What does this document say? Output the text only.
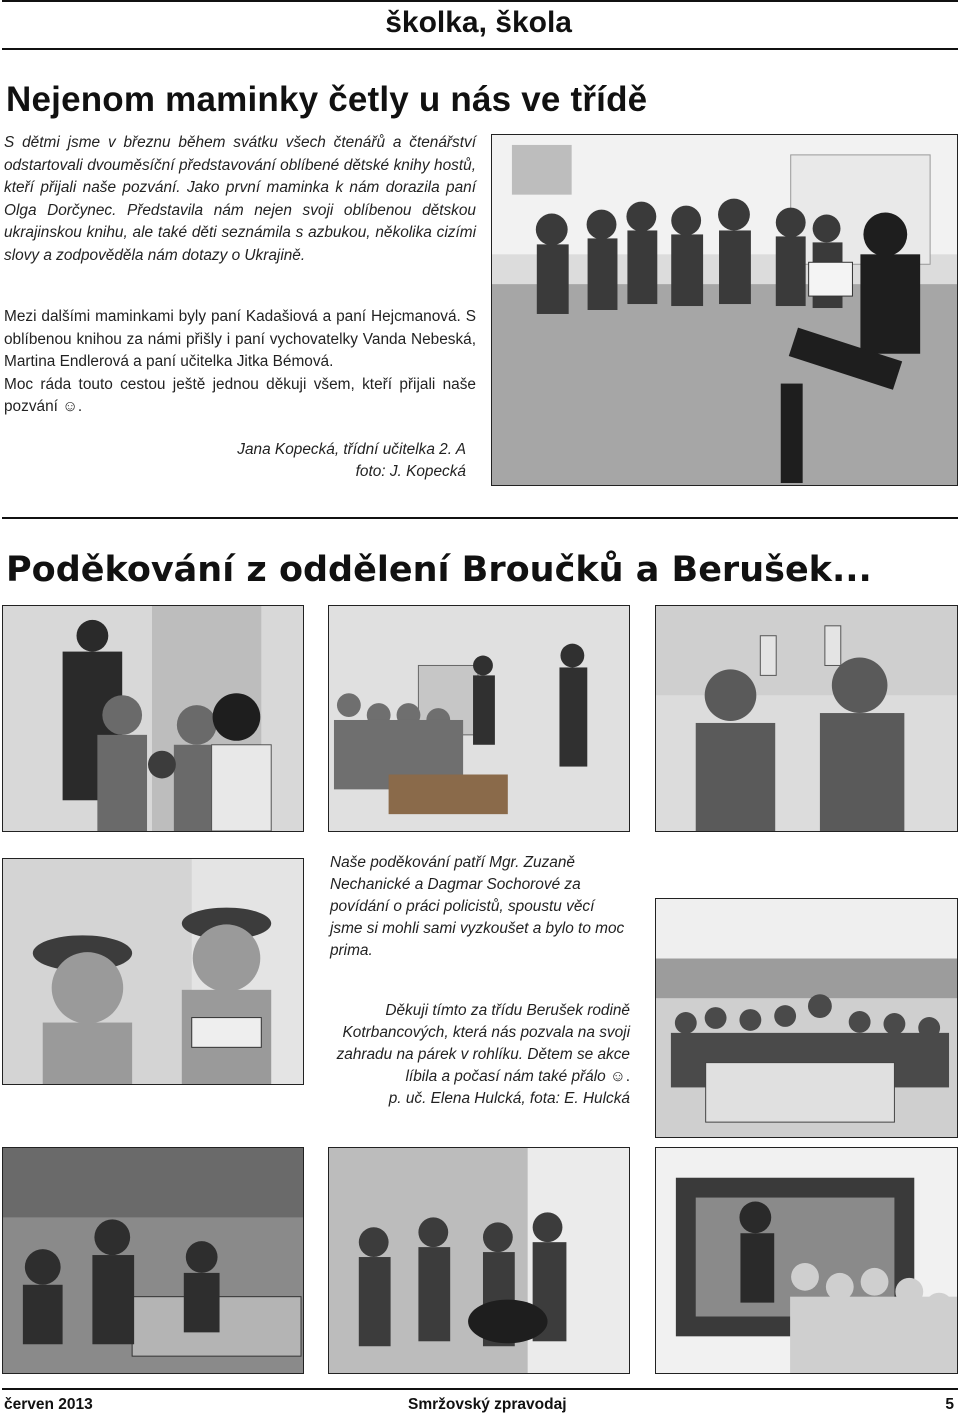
školka, škola
Nejenom maminky četly u nás ve třídě
S dětmi jsme v březnu během svátku všech čtenářů a čtenářství odstartovali dvouměsíční představování oblíbené dětské knihy hostů, kteří přijali naše pozvání. Jako první maminka k nám dorazila paní Olga Dorčynec. Představila nám nejen svoji oblíbenou dětskou ukrajinskou knihu, ale také děti seznámila s azbukou, několika cizími slovy a zodpověděla nám dotazy o Ukrajině.
Mezi dalšími maminkami byly paní Kadašiová a paní Hejcmanová. S oblíbenou knihou za námi přišly i paní vychovatelky Vanda Nebeská, Martina Endlerová a paní učitelka Jitka Bémová.
Moc ráda touto cestou ještě jednou děkuji všem, kteří přijali naše pozvání ☺.
Jana Kopecká, třídní učitelka 2. A
foto: J. Kopecká
Poděkování z oddělení Broučků a Berušek...
Naše poděkování patří Mgr. Zuzaně Nechanické a Dagmar Sochorové za povídání o práci policistů, spoustu věcí jsme si mohli sami vyzkoušet a bylo to moc prima.
Děkuji tímto za třídu Berušek rodině Kotrbancových, která nás pozvala na svoji zahradu na párek v rohlíku. Dětem se akce líbila a počasí nám také přálo ☺.
p. uč. Elena Hulcká, fota: E. Hulcká
červen 2013	Smržovský zpravodaj	5
